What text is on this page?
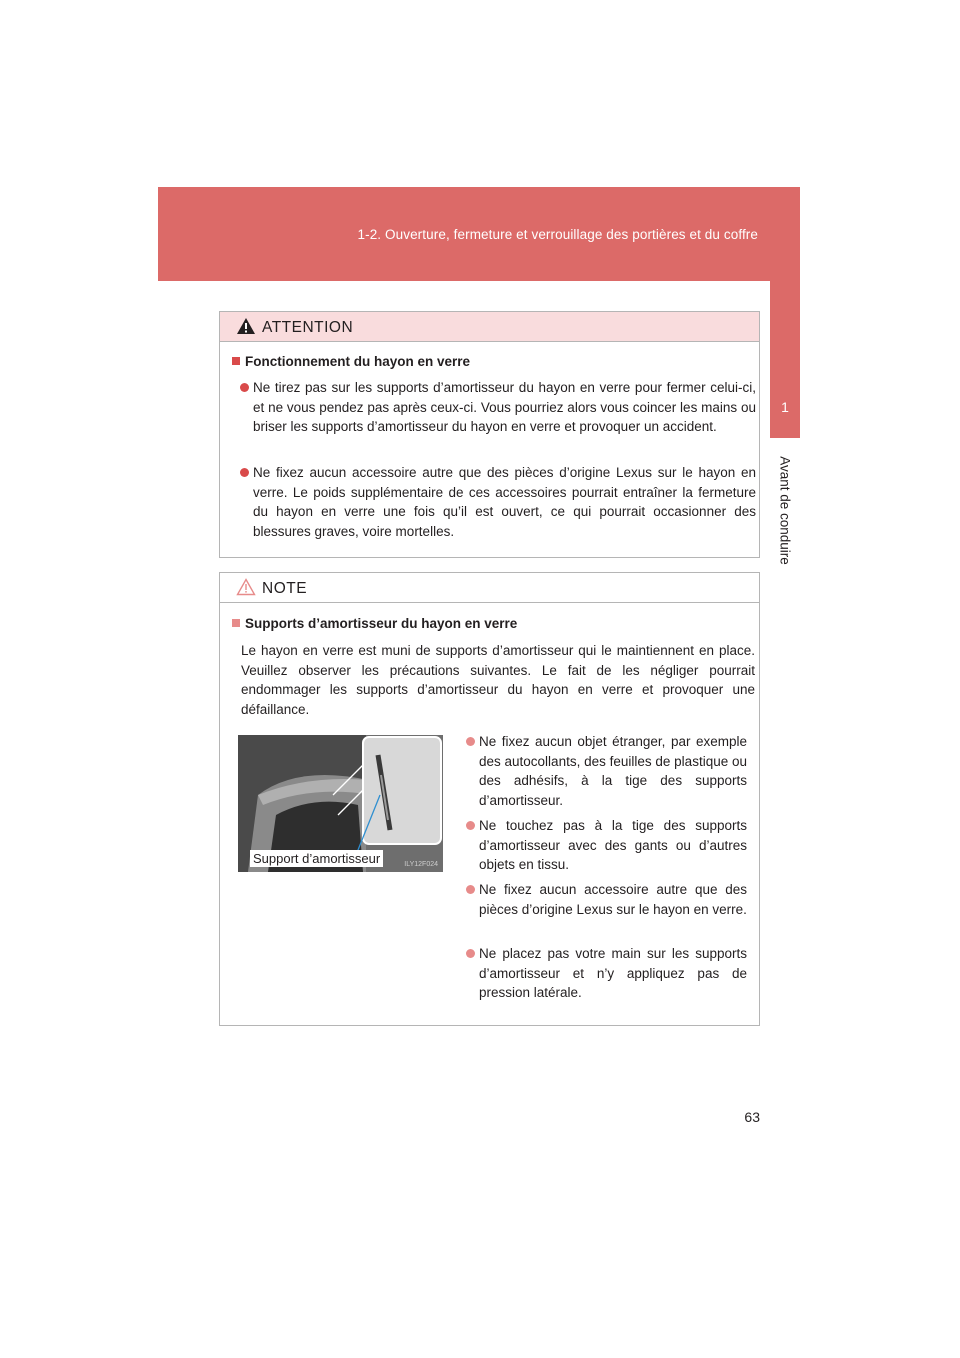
1-2. Ouverture, fermeture et verrouillage des portières et du coffre
1
Avant de conduire
ATTENTION
Fonctionnement du hayon en verre
Ne tirez pas sur les supports d’amortisseur du hayon en verre pour fermer celui-ci, et ne vous pendez pas après ceux-ci. Vous pourriez alors vous coincer les mains ou briser les supports d’amortisseur du hayon en verre et provoquer un accident.
Ne fixez aucun accessoire autre que des pièces d’origine Lexus sur le hayon en verre. Le poids supplémentaire de ces accessoires pourrait entraîner la fermeture du hayon en verre une fois qu’il est ouvert, ce qui pourrait occasionner des blessures graves, voire mortelles.
NOTE
Supports d’amortisseur du hayon en verre
Le hayon en verre est muni de supports d’amortisseur qui le maintiennent en place. Veuillez observer les précautions suivantes. Le fait de les négliger pourrait endommager les supports d’amortisseur du hayon en verre et provoquer une défaillance.
Support d’amortisseur	ILY12F024
Ne fixez aucun objet étranger, par exemple des autocollants, des feuilles de plastique ou des adhésifs, à la tige des supports d’amortisseur.
Ne touchez pas à la tige des supports d’amortisseur avec des gants ou d’autres objets en tissu.
Ne fixez aucun accessoire autre que des pièces d’origine Lexus sur le hayon en verre.
Ne placez pas votre main sur les supports d’amortisseur et n’y appliquez pas de pression latérale.
63
